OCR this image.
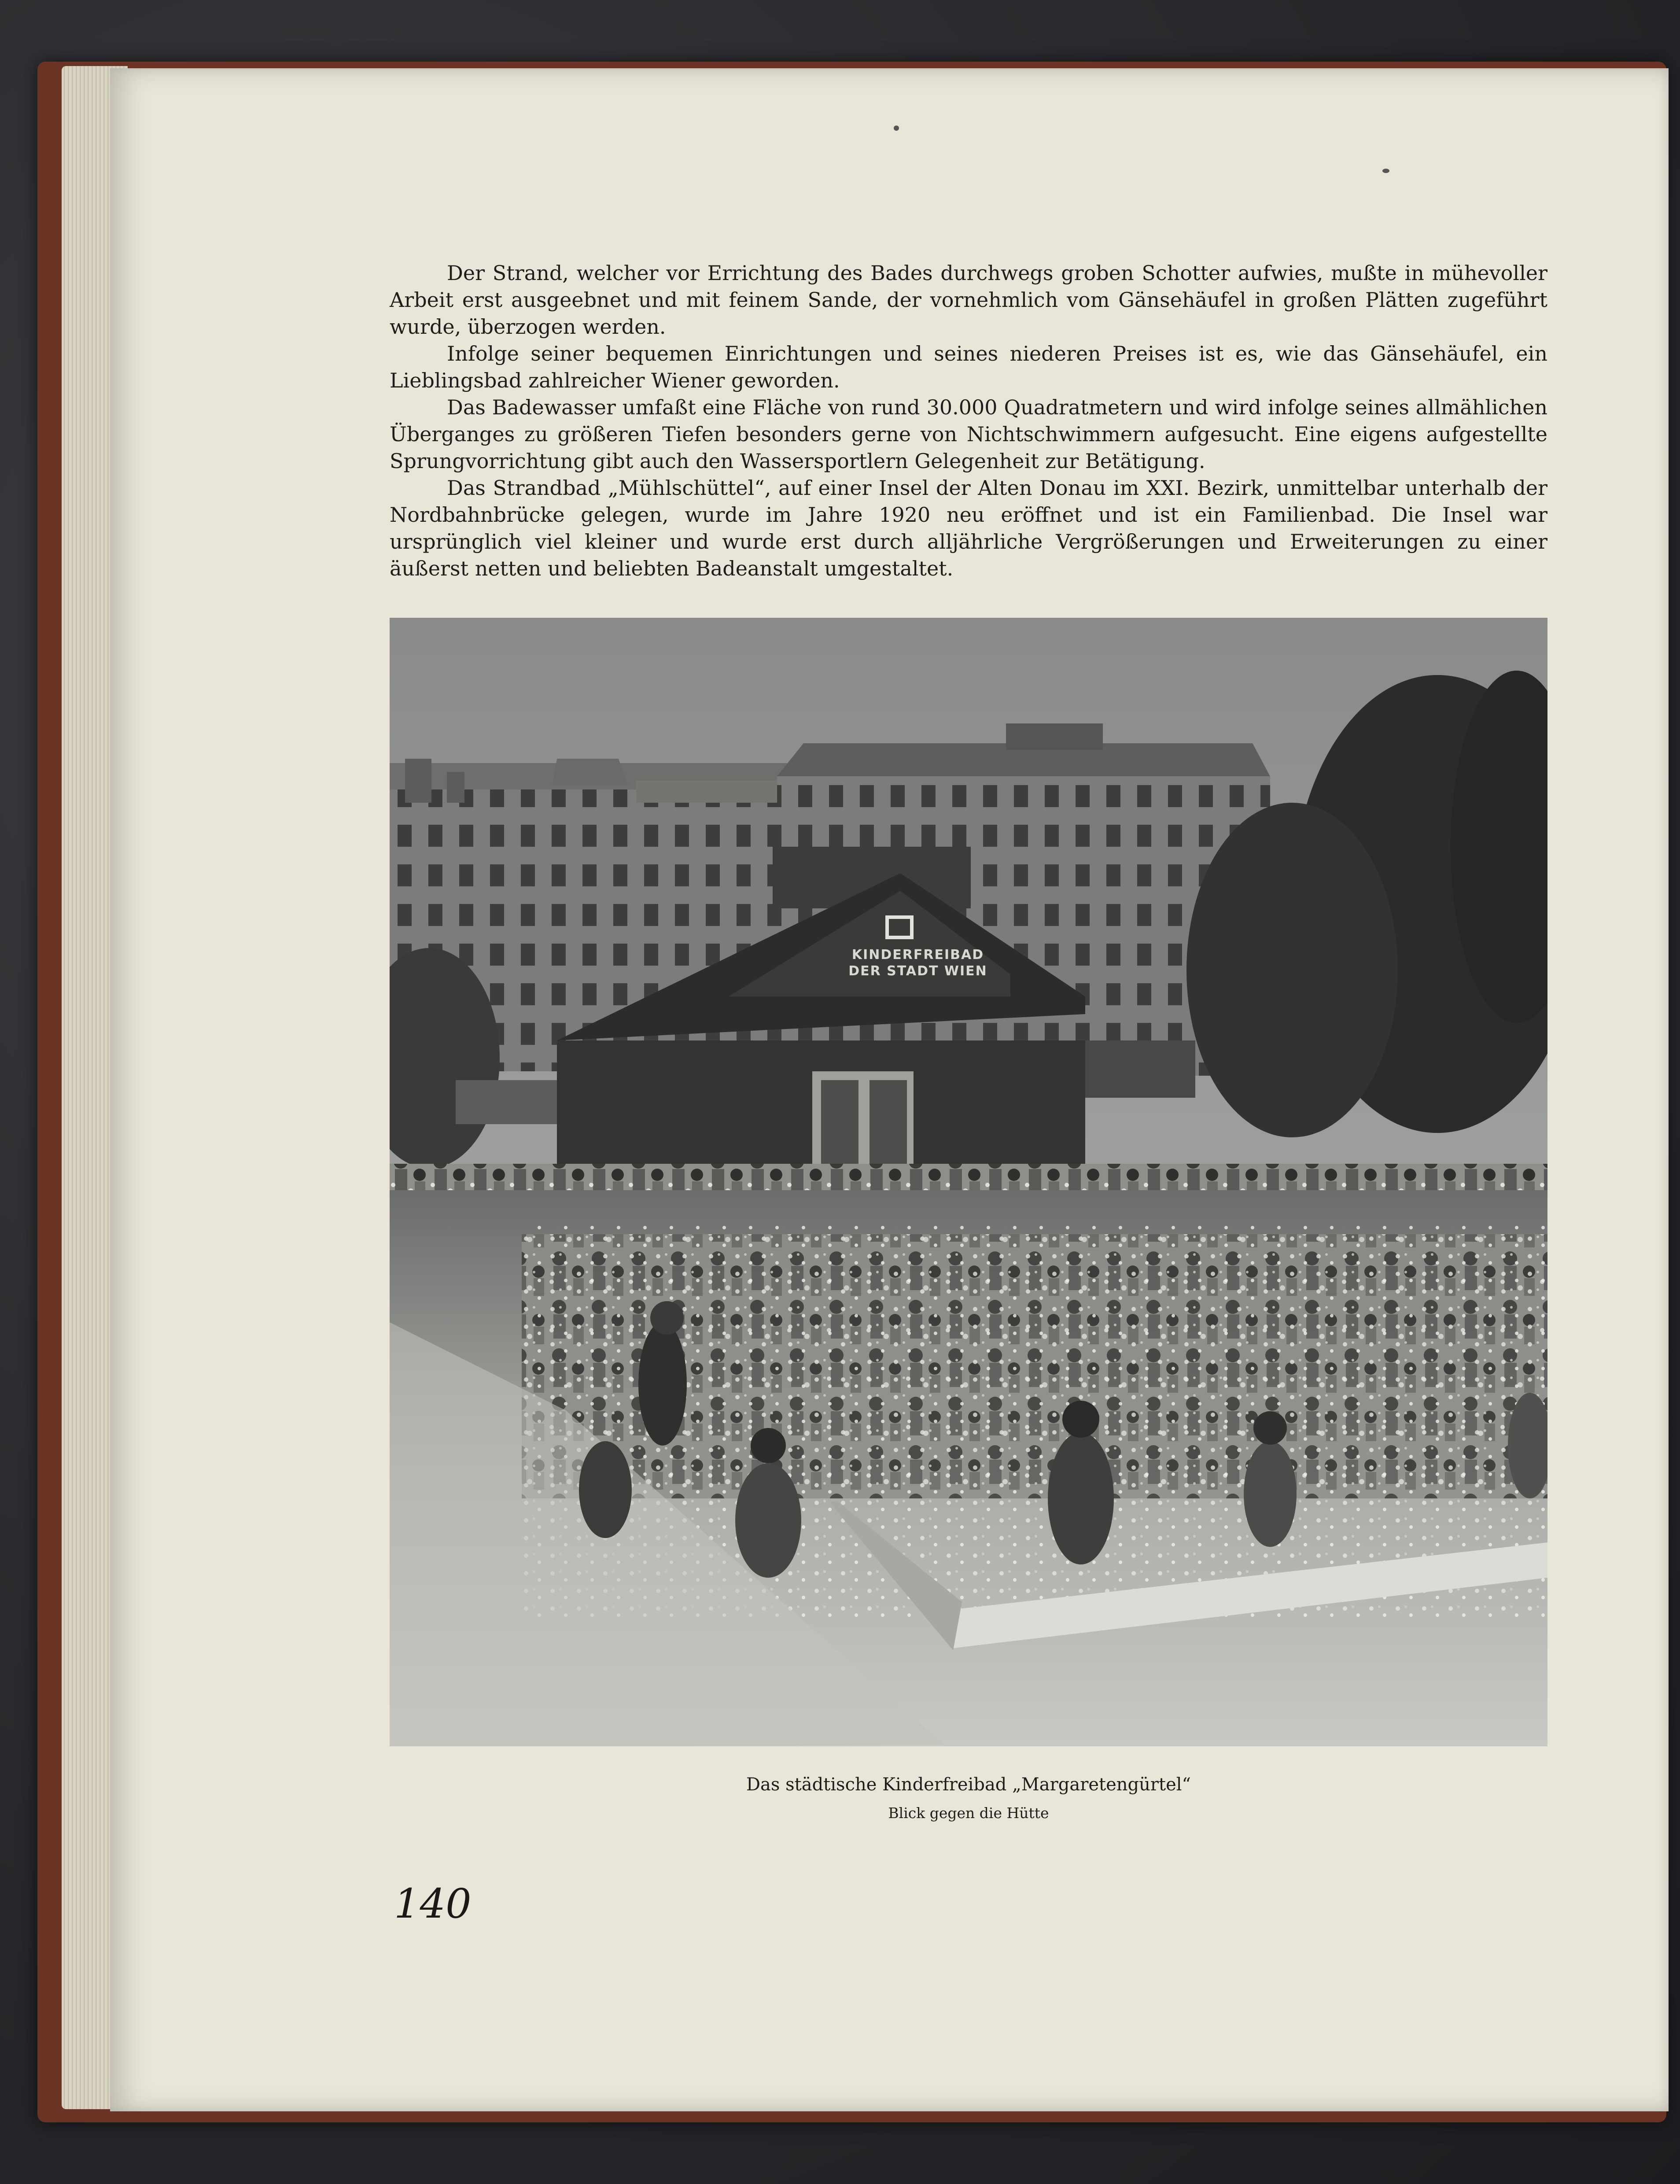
Der Strand, welcher vor Errichtung des Bades durchwegs groben Schotter aufwies, mußte in mühevoller Arbeit erst ausgeebnet und mit feinem Sande, der vornehmlich vom Gänsehäufel in großen Plätten zugeführt wurde, überzogen werden.

Infolge seiner bequemen Einrichtungen und seines niederen Preises ist es, wie das Gänsehäufel, ein Lieblingsbad zahlreicher Wiener geworden.

Das Badewasser umfaßt eine Fläche von rund 30.000 Quadratmetern und wird infolge seines allmählichen Überganges zu größeren Tiefen besonders gerne von Nichtschwimmern aufgesucht. Eine eigens aufgestellte Sprungvorrichtung gibt auch den Wassersportlern Gelegenheit zur Betätigung.

Das Strandbad „Mühlschüttel“, auf einer Insel der Alten Donau im XXI. Bezirk, unmittelbar unterhalb der Nordbahnbrücke gelegen, wurde im Jahre 1920 neu eröffnet und ist ein Familienbad. Die Insel war ursprünglich viel kleiner und wurde erst durch alljährliche Vergrößerungen und Erweiterungen zu einer äußerst netten und beliebten Badeanstalt umgestaltet.

KINDERFREIBAD
DER STADT WIEN
Das städtische Kinderfreibad „Margaretengürtel“
Blick gegen die Hütte
140
